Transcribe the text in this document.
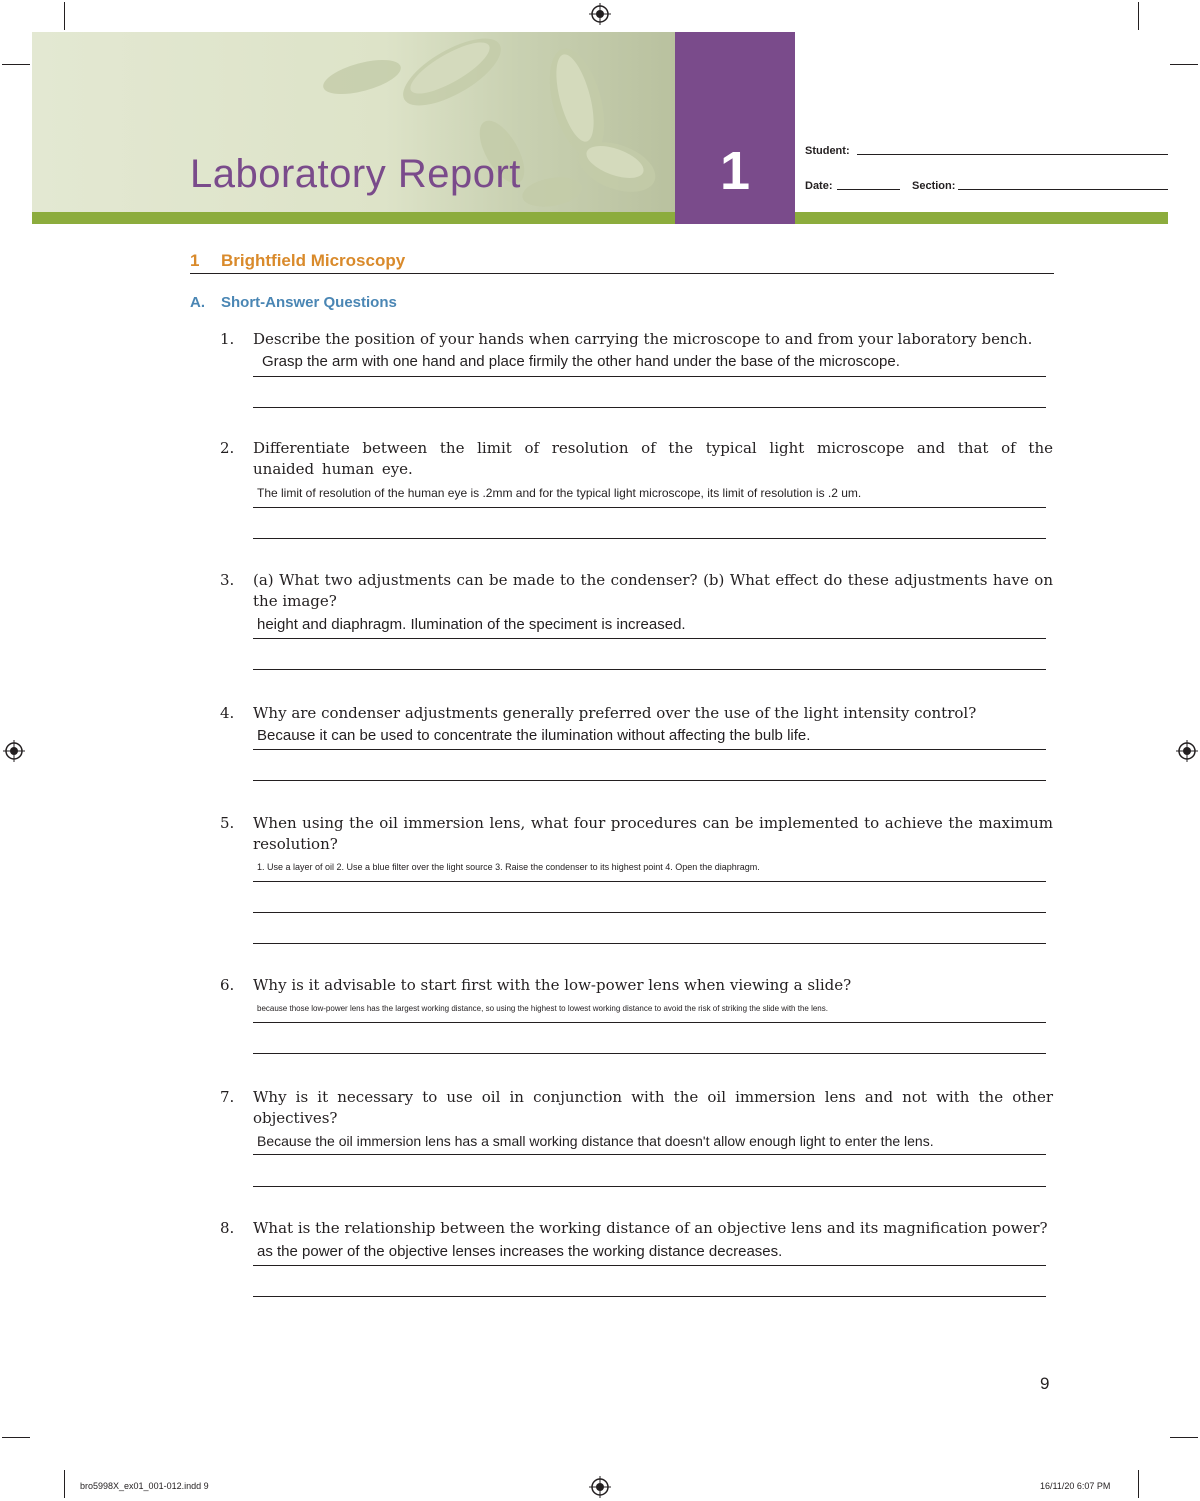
Laboratory Report	1	Student:
Date:	Section:
1 Brightfield Microscopy
A. Short-Answer Questions
1. Describe the position of your hands when carrying the microscope to and from your laboratory bench.
Grasp the arm with one hand and place firmily the other hand under the base of the microscope.
2. Differentiate between the limit of resolution of the typical light microscope and that of the unaided human eye.
The limit of resolution of the human eye is .2mm and for the typical light microscope, its limit of resolution is .2 um.
3. (a) What two adjustments can be made to the condenser? (b) What effect do these adjustments have on the image?
height and diaphragm. Ilumination of the speciment is increased.
4. Why are condenser adjustments generally preferred over the use of the light intensity control?
Because it can be used to concentrate the ilumination without affecting the bulb life.
5. When using the oil immersion lens, what four procedures can be implemented to achieve the maximum resolution?
1. Use a layer of oil 2. Use a blue filter over the light source 3. Raise the condenser to its highest point 4. Open the diaphragm.
6. Why is it advisable to start first with the low-power lens when viewing a slide?
because those low-power lens has the largest working distance, so using the highest to lowest working distance to avoid the risk of striking the slide with the lens.
7. Why is it necessary to use oil in conjunction with the oil immersion lens and not with the other objectives?
Because the oil immersion lens has a small working distance that doesn't allow enough light to enter the lens.
8. What is the relationship between the working distance of an objective lens and its magnification power?
as the power of the objective lenses increases the working distance decreases.
9
bro5998X_ex01_001-012.indd 9	16/11/20 6:07 PM
